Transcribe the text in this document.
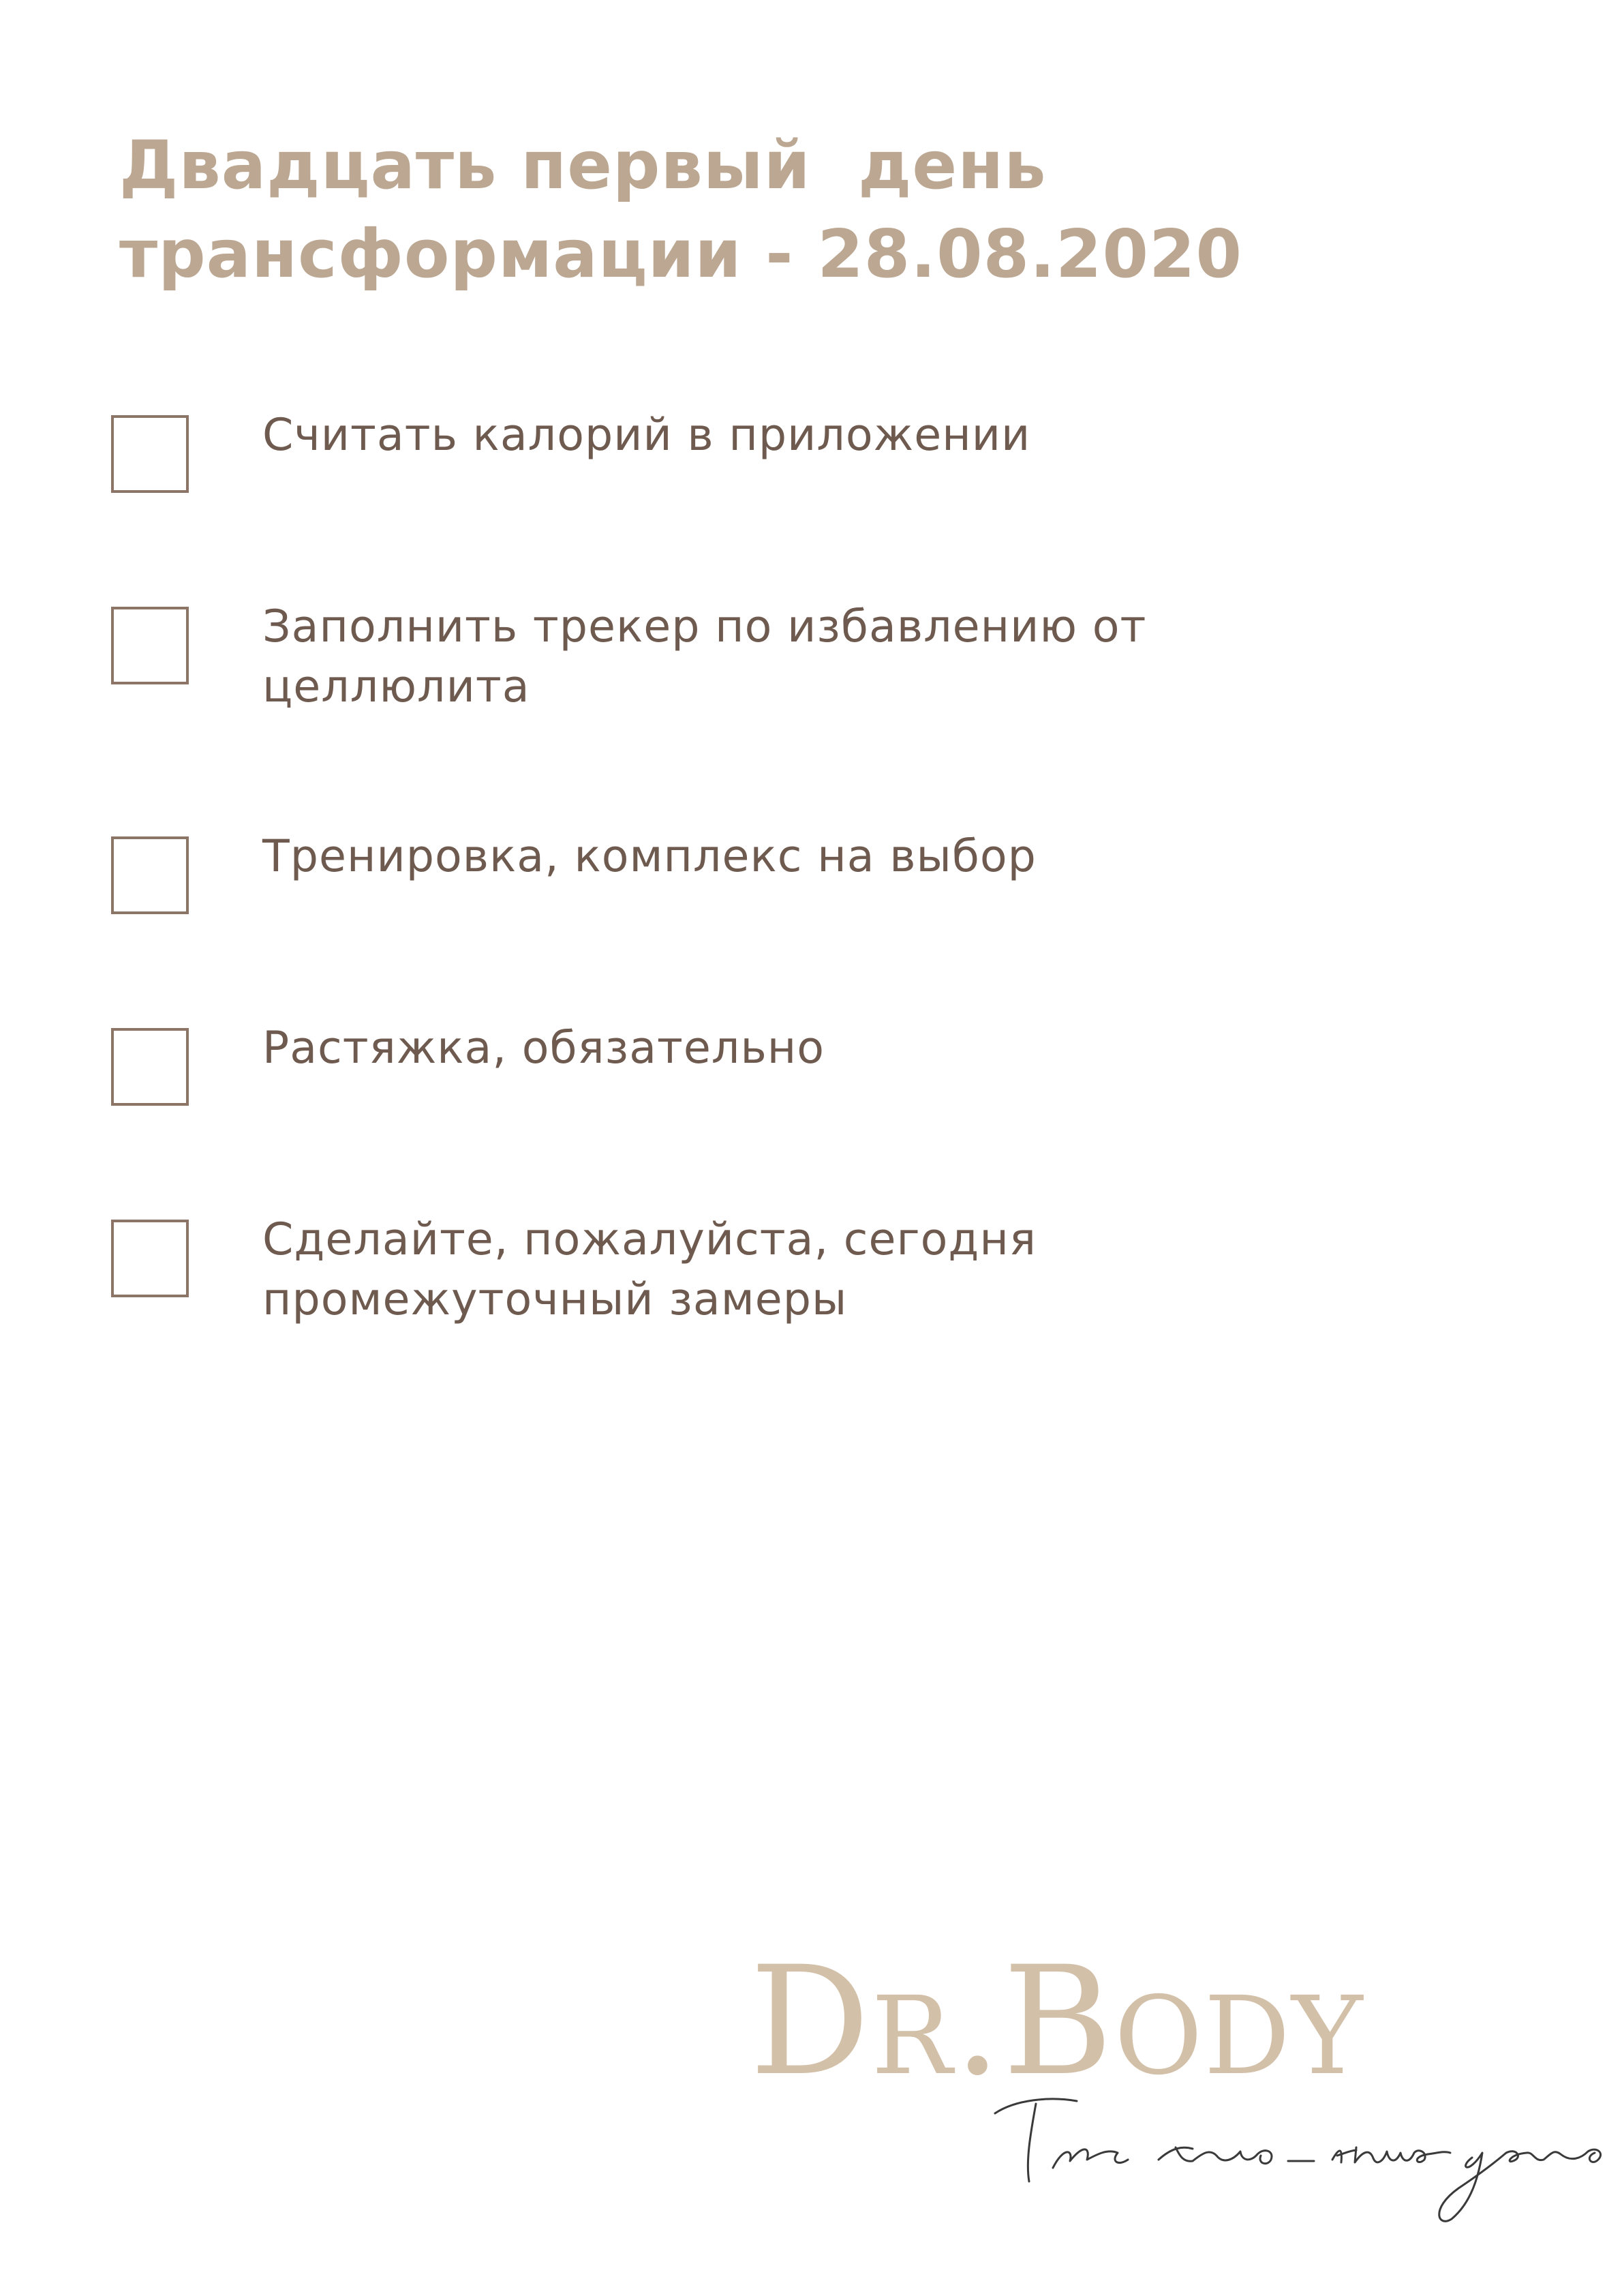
Двадцать первый  день
трансформации - 28.08.2020
Считать калорий в приложении
Заполнить трекер по избавлению от
целлюлита
Тренировка, комплекс на выбор
Растяжка, обязательно
Сделайте, пожалуйста, сегодня
промежуточный замеры
DR.BODY
